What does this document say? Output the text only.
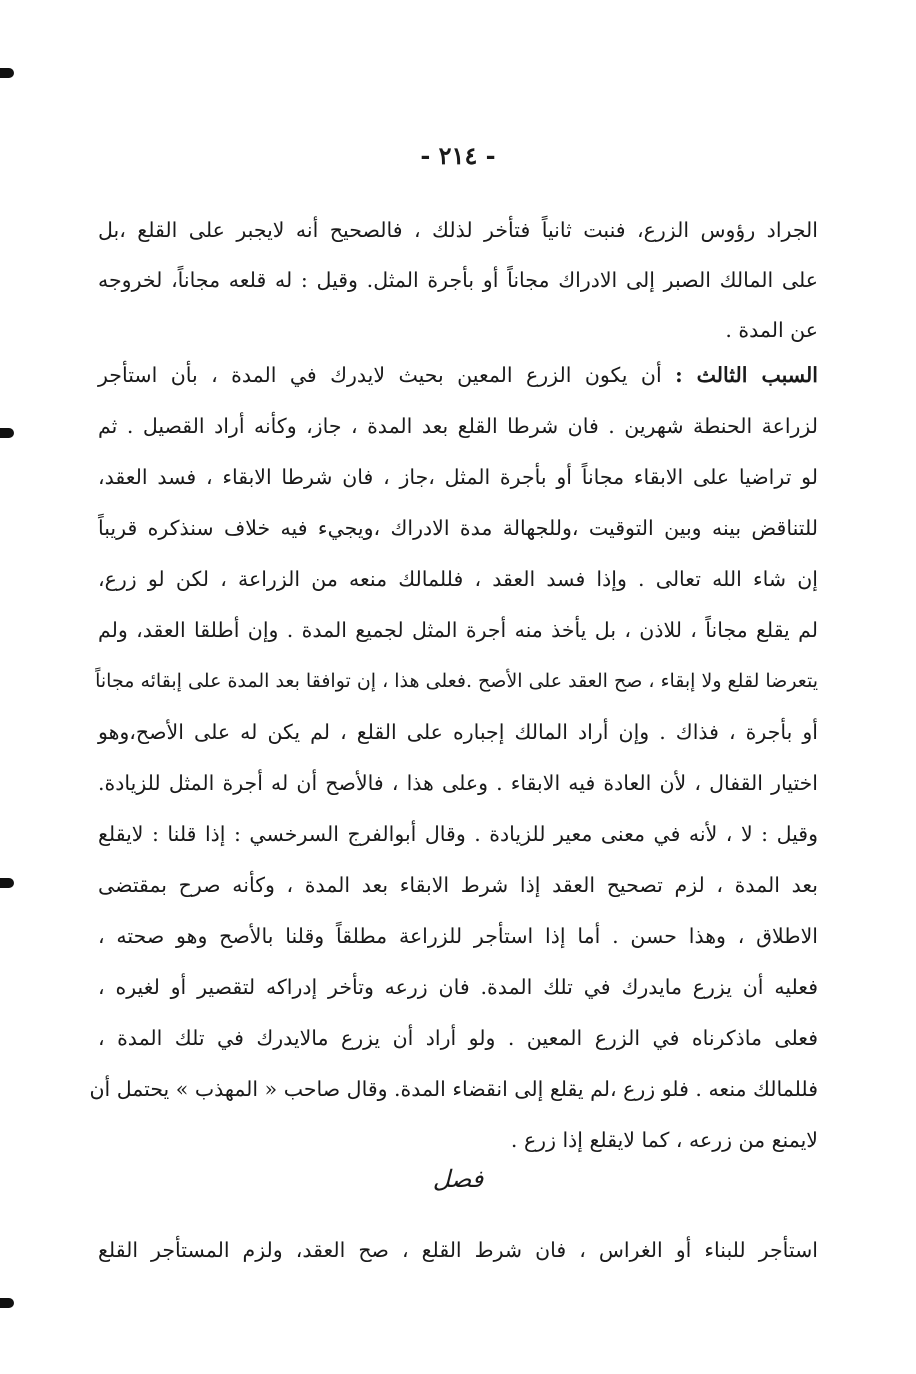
- ٢١٤ -
الجراد رؤوس الزرع، فنبت ثانياً فتأخر لذلك ، فالصحيح أنه لايجبر على القلع ،بل
على المالك الصبر إلى الادراك مجاناً أو بأجرة المثل. وقيل : له قلعه مجاناً، لخروجه
عن المدة .
السبب الثالث : أن يكون الزرع المعين بحيث لايدرك في المدة ، بأن استأجر
لزراعة الحنطة شهرين . فان شرطا القلع بعد المدة ، جاز، وكأنه أراد القصيل . ثم
لو تراضيا على الابقاء مجاناً أو بأجرة المثل ،جاز ، فان شرطا الابقاء ، فسد العقد،
للتناقض بينه وبين التوقيت ،وللجهالة مدة الادراك ،ويجيء فيه خلاف سنذكره قريباً
إن شاء الله تعالى . وإذا فسد العقد ، فللمالك منعه من الزراعة ، لكن لو زرع،
لم يقلع مجاناً ، للاذن ، بل يأخذ منه أجرة المثل لجميع المدة . وإن أطلقا العقد، ولم
يتعرضا لقلع ولا إبقاء ، صح العقد على الأصح .فعلى هذا ، إن توافقا بعد المدة على إبقائه مجاناً
أو بأجرة ، فذاك . وإن أراد المالك إجباره على القلع ، لم يكن له على الأصح،وهو
اختيار القفال ، لأن العادة فيه الابقاء . وعلى هذا ، فالأصح أن له أجرة المثل للزيادة.
وقيل : لا ، لأنه في معنى معير للزيادة . وقال أبوالفرج السرخسي : إذا قلنا : لايقلع
بعد المدة ، لزم تصحيح العقد إذا شرط الابقاء بعد المدة ، وكأنه صرح بمقتضى
الاطلاق ، وهذا حسن . أما إذا استأجر للزراعة مطلقاً وقلنا بالأصح وهو صحته ،
فعليه أن يزرع مايدرك في تلك المدة. فان زرعه وتأخر إدراكه لتقصير أو لغيره ،
فعلى ماذكرناه في الزرع المعين . ولو أراد أن يزرع مالايدرك في تلك المدة ،
فللمالك منعه . فلو زرع ،لم يقلع إلى انقضاء المدة. وقال صاحب « المهذب » يحتمل أن
لايمنع من زرعه ، كما لايقلع إذا زرع .
فصل
استأجر للبناء أو الغراس ، فان شرط القلع ، صح العقد، ولزم المستأجر القلع
